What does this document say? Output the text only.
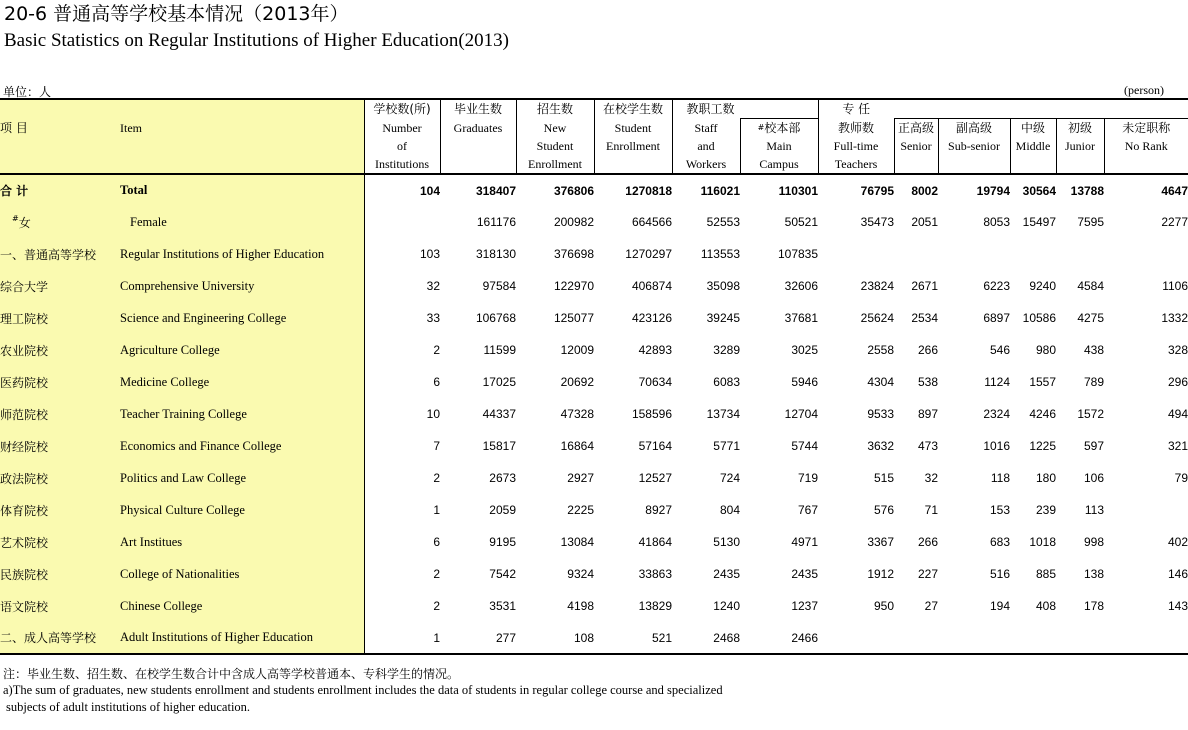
20-6 普通高等学校基本情况（2013年）
Basic Statistics on Regular Institutions of Higher Education(2013)
单位：人	(person)
		学校数(所)	毕业生数	招生数	在校学生数	教职工数		专 任					
项 目	Item	Number	Graduates	New	Student	Staff	#校本部	教师数	正高级	副高级	中级	初级	未定职称
		of		Student	Enrollment	and	Main	Full-time	Senior	Sub-senior	Middle	Junior	No Rank
		Institutions		Enrollment		Workers	Campus	Teachers					
合 计	Total	104	318407	376806	1270818	116021	110301	76795	8002	19794	30564	13788	4647
#女	Female		161176	200982	664566	52553	50521	35473	2051	8053	15497	7595	2277
一、普通高等学校	Regular Institutions of Higher Education	103	318130	376698	1270297	113553	107835						
综合大学	Comprehensive University	32	97584	122970	406874	35098	32606	23824	2671	6223	9240	4584	1106
理工院校	Science and Engineering College	33	106768	125077	423126	39245	37681	25624	2534	6897	10586	4275	1332
农业院校	Agriculture College	2	11599	12009	42893	3289	3025	2558	266	546	980	438	328
医药院校	Medicine College	6	17025	20692	70634	6083	5946	4304	538	1124	1557	789	296
师范院校	Teacher Training College	10	44337	47328	158596	13734	12704	9533	897	2324	4246	1572	494
财经院校	Economics and Finance College	7	15817	16864	57164	5771	5744	3632	473	1016	1225	597	321
政法院校	Politics and Law College	2	2673	2927	12527	724	719	515	32	118	180	106	79
体育院校	Physical Culture College	1	2059	2225	8927	804	767	576	71	153	239	113	
艺术院校	Art Institues	6	9195	13084	41864	5130	4971	3367	266	683	1018	998	402
民族院校	College of Nationalities	2	7542	9324	33863	2435	2435	1912	227	516	885	138	146
语文院校	Chinese College	2	3531	4198	13829	1240	1237	950	27	194	408	178	143
二、成人高等学校	Adult Institutions of Higher Education	1	277	108	521	2468	2466						
注：毕业生数、招生数、在校学生数合计中含成人高等学校普通本、专科学生的情况。
a)The sum of graduates, new students enrollment and students enrollment includes the data of students in regular college course and specialized
subjects of adult institutions of higher education.
